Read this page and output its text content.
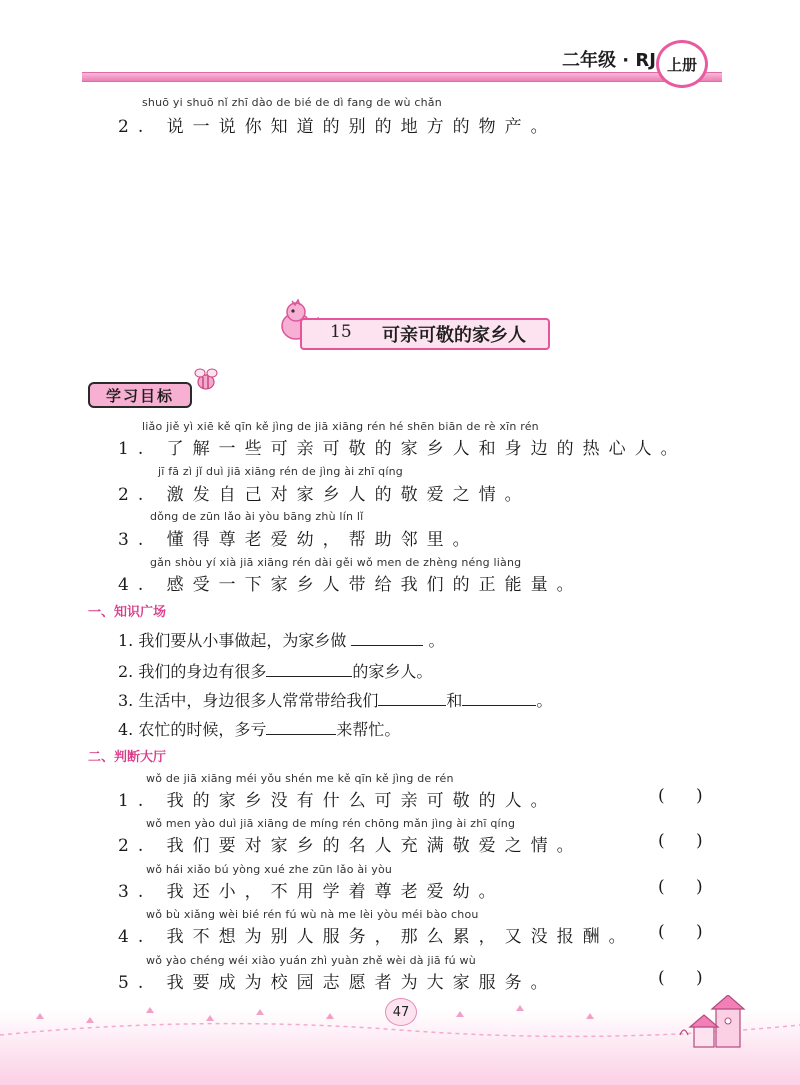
二年级 · RJ 上册
shuō yi shuō nǐ zhī dào de bié de dì fang de wù chǎn
2. 说一说你知道的别的地方的物产。
15 可亲可敬的家乡人
学习目标
liǎo jiě yì xiē kě qīn kě jìng de jiā xiāng rén hé shēn biān de rè xīn rén
1. 了解一些可亲可敬的家乡人和身边的热心人。
jī fā zì jǐ duì jiā xiāng rén de jìng ài zhī qíng
2. 激发自己对家乡人的敬爱之情。
dǒng de zūn lǎo ài yòu bāng zhù lín lǐ
3. 懂得尊老爱幼，帮助邻里。
gǎn shòu yí xià jiā xiāng rén dài gěi wǒ men de zhèng néng liàng
4. 感受一下家乡人带给我们的正能量。
一、知识广场
1. 我们要从小事做起，为家乡做	。
2. 我们的身边有很多	的家乡人。
3. 生活中，身边很多人常常带给我们	和	。
4. 农忙的时候，多亏	来帮忙。
二、判断大厅
wǒ de jiā xiāng méi yǒu shén me kě qīn kě jìng de rén
1. 我的家乡没有什么可亲可敬的人。	( )
wǒ men yào duì jiā xiāng de míng rén chōng mǎn jìng ài zhī qíng
2. 我们要对家乡的名人充满敬爱之情。	( )
wǒ hái xiǎo bú yòng xué zhe zūn lǎo ài yòu
3. 我还小，不用学着尊老爱幼。	( )
wǒ bù xiǎng wèi bié rén fú wù nà me lèi yòu méi bào chou
4. 我不想为别人服务，那么累，又没报酬。 ( )
wǒ yào chéng wéi xiào yuán zhì yuàn zhě wèi dà jiā fú wù
5. 我要成为校园志愿者为大家服务。	( )
47
